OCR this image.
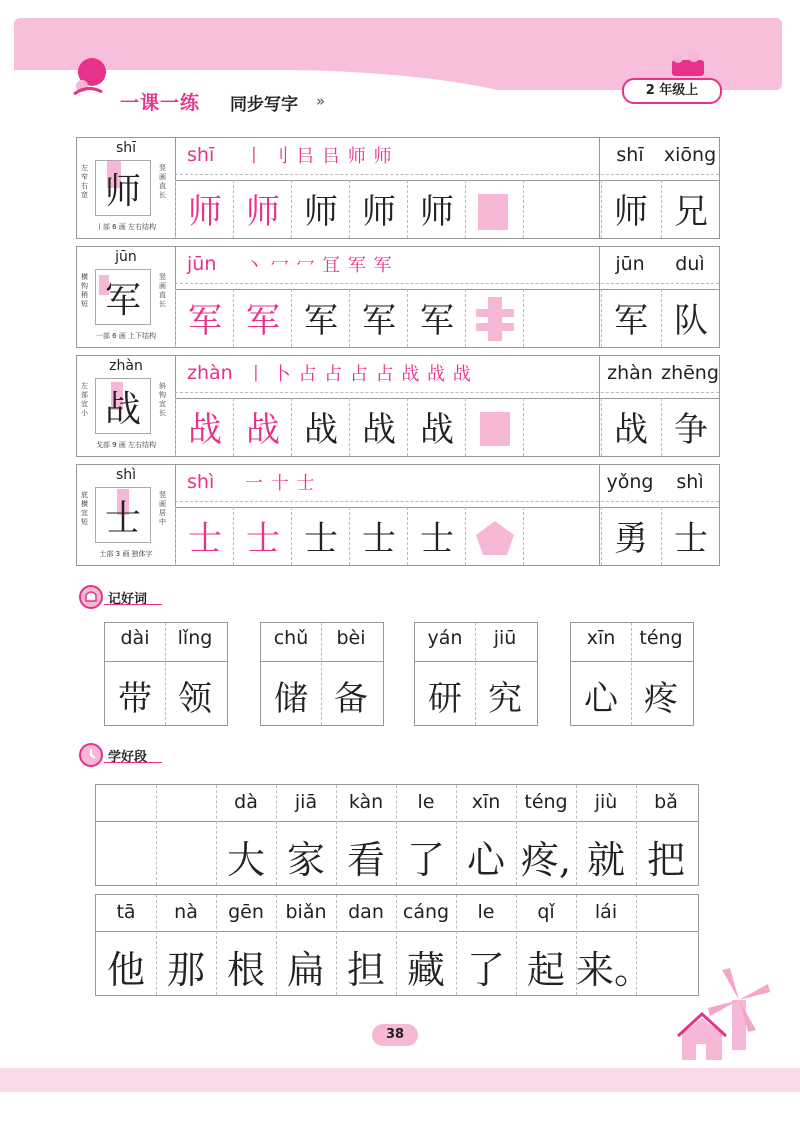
一课一练 同步写字 »
2 年级上
shī
师
左窄右宽
竖画直长
丨部 6 画 左右结构
shī 丨 刂 㠯 㠯 师 师
师 师 师 师 师
shī
师
xiōng
兄
jūn
军
横钩稍短
竖画直长
一部 6 画 上下结构
jūn 丶 冖 冖 冝 军 军
军 军 军 军 军
jūn
军
duì
队
zhàn
战
左部宜小
斜钩宜长
戈部 9 画 左右结构
zhàn 丨 卜 占 占 占 占 战 战 战
战 战 战 战 战
zhàn
战
zhēng
争
shì
士
底横宜短
竖画居中
士部 3 画 独体字
shì 一 十 士
士 士 士 士 士
yǒng
勇
shì
士
记好词
dài
带
lǐng
领
chǔ
储
bèi
备
yán
研
jiū
究
xīn
心
téng
疼
学好段
dà
大
jiā
家
kàn
看
le
了
xīn
心
téng
疼,
jiù
就
bǎ
把
tā
他
nà
那
gēn
根
biǎn
扁
dan
担
cáng
藏
le
了
qǐ
起
lái
来。
38
